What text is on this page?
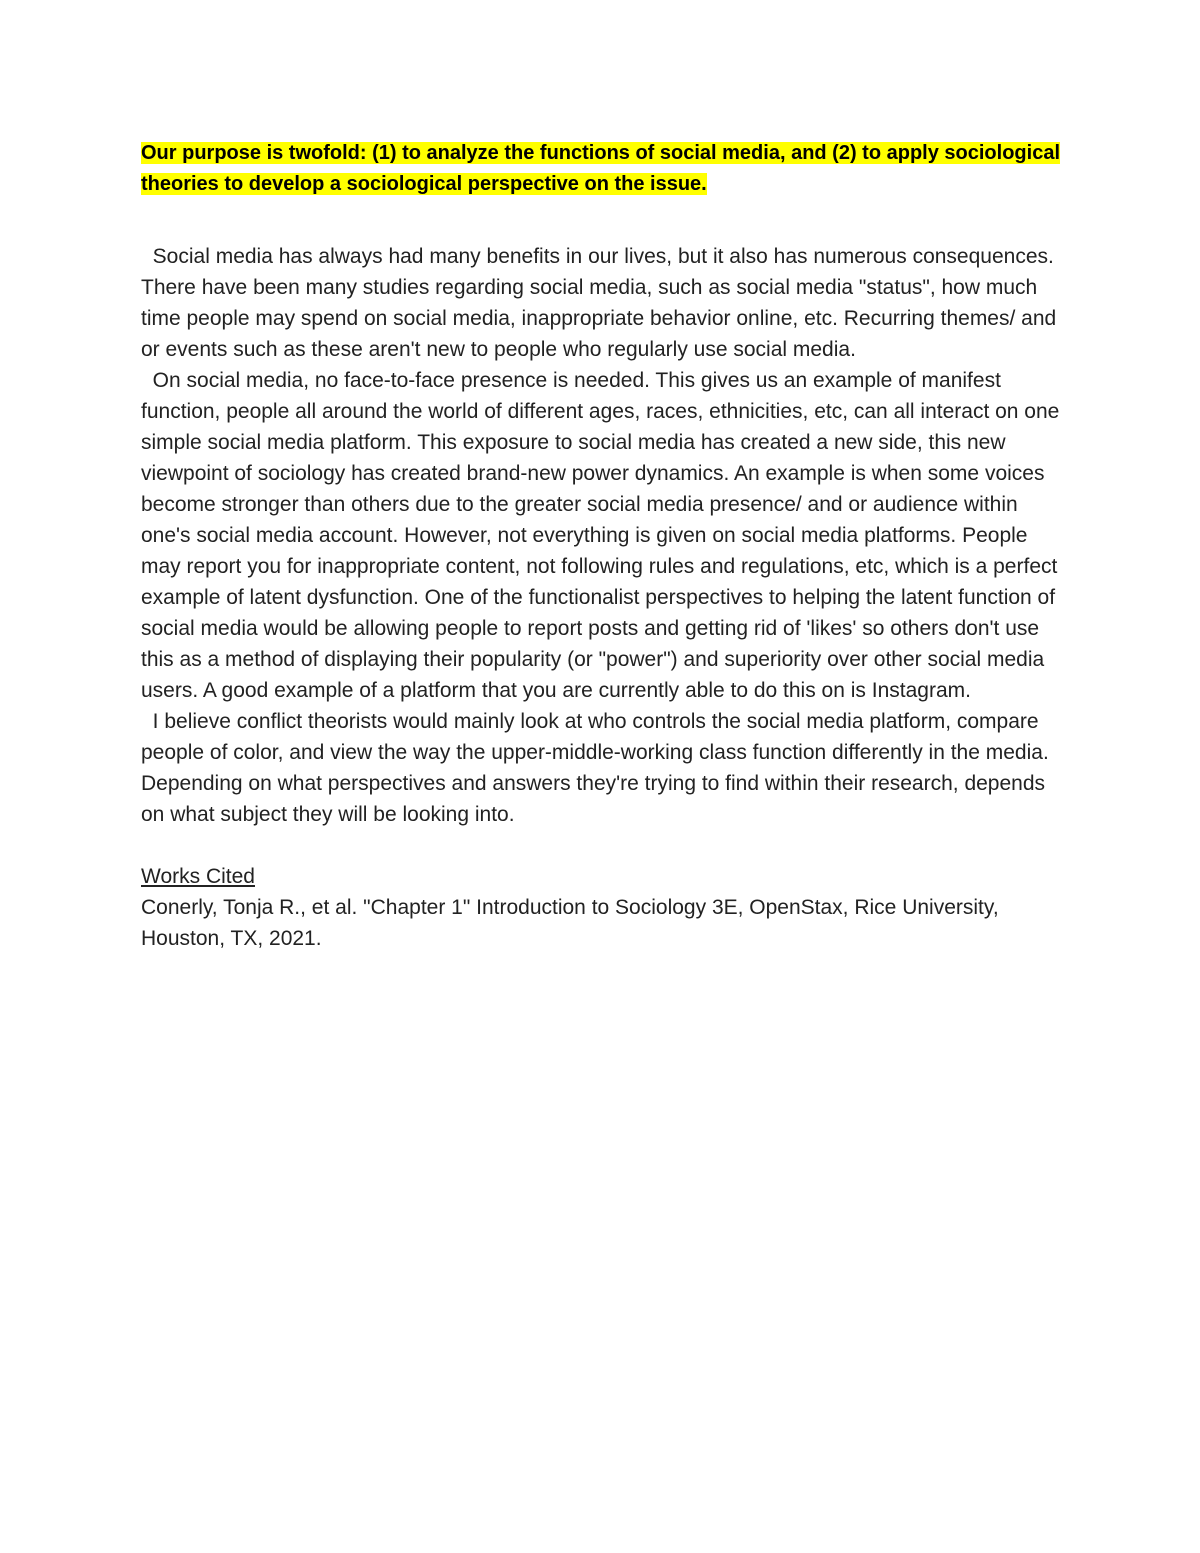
Our purpose is twofold: (1) to analyze the functions of social media, and (2) to apply sociological theories to develop a sociological perspective on the issue.

Social media has always had many benefits in our lives, but it also has numerous consequences. There have been many studies regarding social media, such as social media "status", how much time people may spend on social media, inappropriate behavior online, etc. Recurring themes/ and or events such as these aren't new to people who regularly use social media.

On social media, no face-to-face presence is needed. This gives us an example of manifest function, people all around the world of different ages, races, ethnicities, etc, can all interact on one simple social media platform. This exposure to social media has created a new side, this new viewpoint of sociology has created brand-new power dynamics. An example is when some voices become stronger than others due to the greater social media presence/ and or audience within one's social media account. However, not everything is given on social media platforms. People may report you for inappropriate content, not following rules and regulations, etc, which is a perfect example of latent dysfunction. One of the functionalist perspectives to helping the latent function of social media would be allowing people to report posts and getting rid of 'likes' so others don't use this as a method of displaying their popularity (or "power") and superiority over other social media users. A good example of a platform that you are currently able to do this on is Instagram.

I believe conflict theorists would mainly look at who controls the social media platform, compare people of color, and view the way the upper-middle-working class function differently in the media. Depending on what perspectives and answers they're trying to find within their research, depends on what subject they will be looking into.

Works Cited

Conerly, Tonja R., et al. "Chapter 1" Introduction to Sociology 3E, OpenStax, Rice University, Houston, TX, 2021.
